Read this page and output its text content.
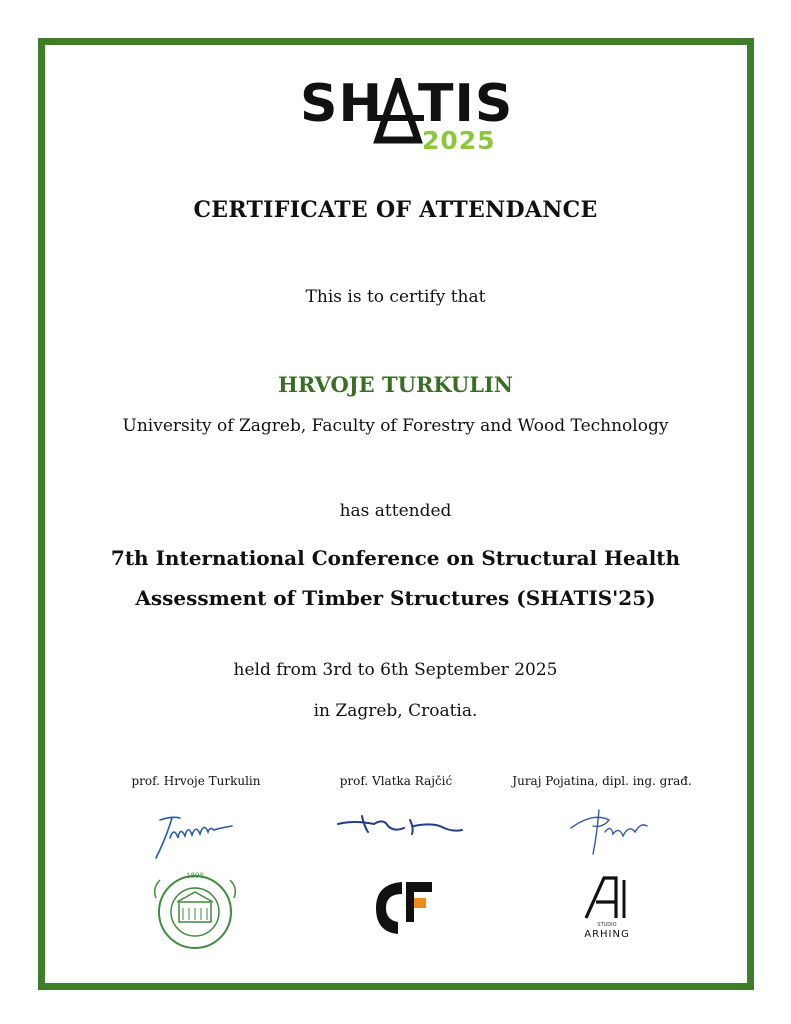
SH TIS
2025
CERTIFICATE OF ATTENDANCE
This is to certify that
HRVOJE TURKULIN
University of Zagreb, Faculty of Forestry and Wood Technology
has attended
7th International Conference on Structural Health
Assessment of Timber Structures (SHATIS'25)
held from 3rd to 6th September 2025
in Zagreb, Croatia.
prof. Hrvoje Turkulin	prof. Vlatka Rajčić	Juraj Pojatina, dipl. ing. građ.
1898
STUDIO
ARHING
